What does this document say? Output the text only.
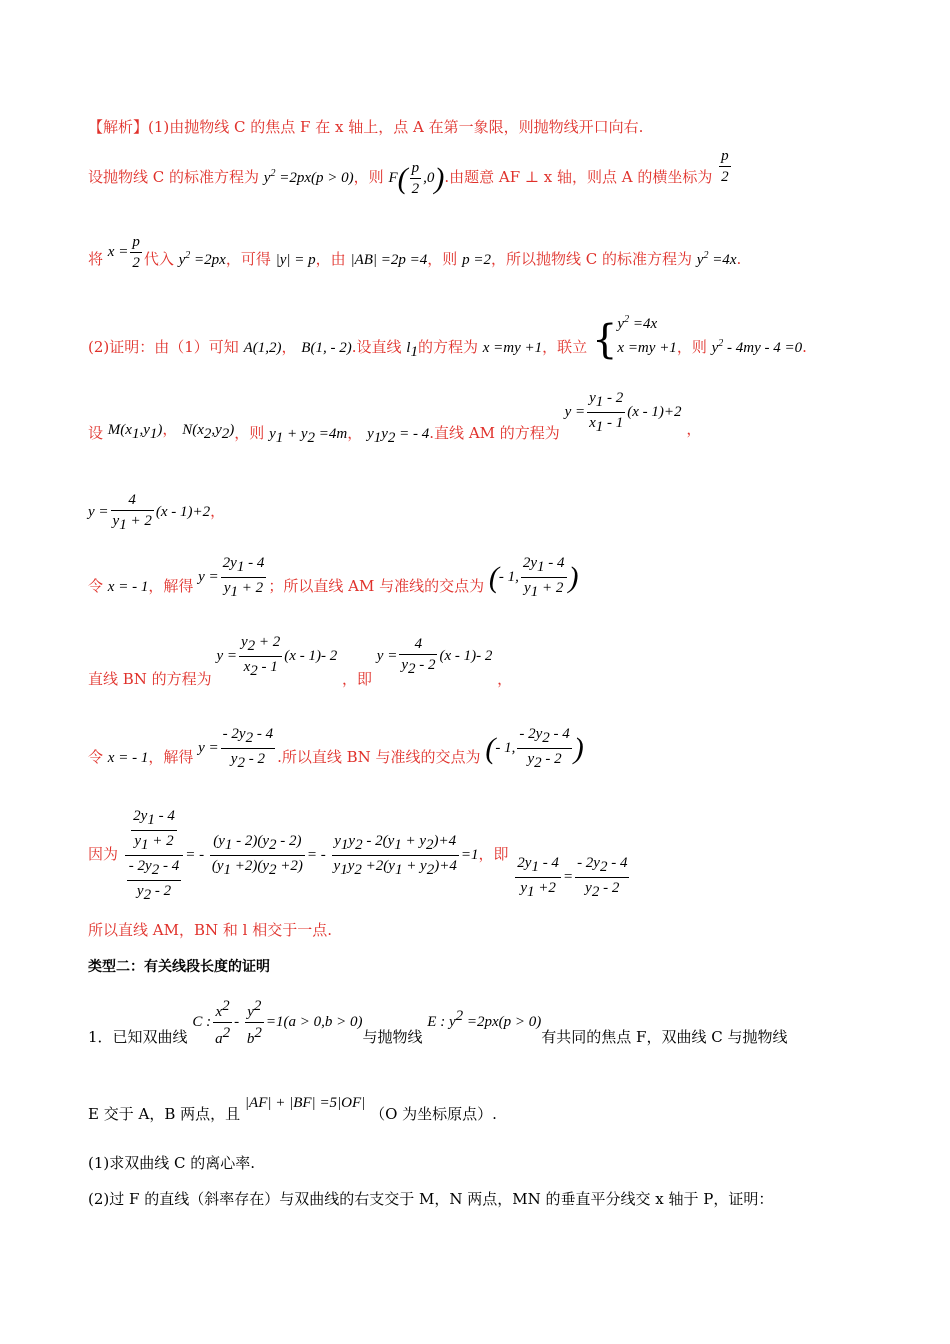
【解析】(1)由抛物线 C 的焦点 F 在 x 轴上，点 A 在第一象限，则抛物线开口向右.
设抛物线 C 的标准方程为 $y^2 =2px(p > 0)$，则 $F( \frac{p}{2} ,0)$.由题意 AF ⊥ x 轴，则点 A 的横坐标为 $\frac{p}{2}$
将 $x = \frac{p}{2}$ 代入 $y^2 =2px$，可得 |y| = p，由 |AB| =2p =4，则 p =2，所以抛物线 C 的标准方程为 $y^2 =4x$.
(2)证明：由（1）可知 A(1,2)， B(1, - 2).设直线 $l_1$的方程为 x =my +1，联立 { $y^2 =4x$
x =my +1 ，则 $y^2 - 4my - 4 =0$.
设 $M(x_1,y_1)$， $N(x_2,y_2)$，则 $y_1 + y_2 =4m$， $y_1y_2$ = - 4.直线 AM 的方程为 $y = \frac{y_1 - 2}{x_1 - 1} (x - 1)+2$ ，
$y = \frac{4}{y_1 + 2} (x - 1)+2$，
令 x = - 1，解得 $y = \frac{2y_1 - 4}{y_1 + 2}$ ；所以直线 AM 与准线的交点为 (- 1, $\frac{2y_1 - 4}{y_1 + 2}$ )
直线 BN 的方程为 $y = \frac{y_2 + 2}{x_2 - 1} (x - 1)-$ 2 ，即 $y = \frac{4}{y_2 - 2} (x - 1)-$ 2 ，
令 x = - 1，解得 $y = \frac{- 2y_2 - 4}{y_2 - 2}$ .所以直线 BN 与准线的交点为 (- 1, $\frac{- 2y_2 - 4}{y_2 - 2}$ )
因为 $\frac{\frac{2y_1 - 4}{y_1 + 2}}{\frac{- 2y_2 - 4}{y_2 - 2}}$ = - $\frac{(y_1 - 2)(y_2 - 2)}{(y_1 +2)(y_2 +2)}$ = - $\frac{y_1y_2 - 2(y_1 + y_2)+4}{y_1y_2 +2(y_1 + y_2)+4} =1$，即 $\frac{2y_1 - 4}{y_1 +2} = \frac{- 2y_2 - 4}{y_2 - 2}$
所以直线 AM，BN 和 l 相交于一点.
类型二：有关线段长度的证明
1．已知双曲线 C : $\frac{x^2}{a^2} - \frac{y^2}{b^2} =1(a > 0,b > 0)$与抛物线 E : $y^2 =2px(p > 0)$有共同的焦点 F，双曲线 C 与抛物线
E 交于 A，B 两点，且 |AF| + |BF| =5|OF| （O 为坐标原点）.
(1)求双曲线 C 的离心率.
(2)过 F 的直线（斜率存在）与双曲线的右支交于 M，N 两点，MN 的垂直平分线交 x 轴于 P，证明：
